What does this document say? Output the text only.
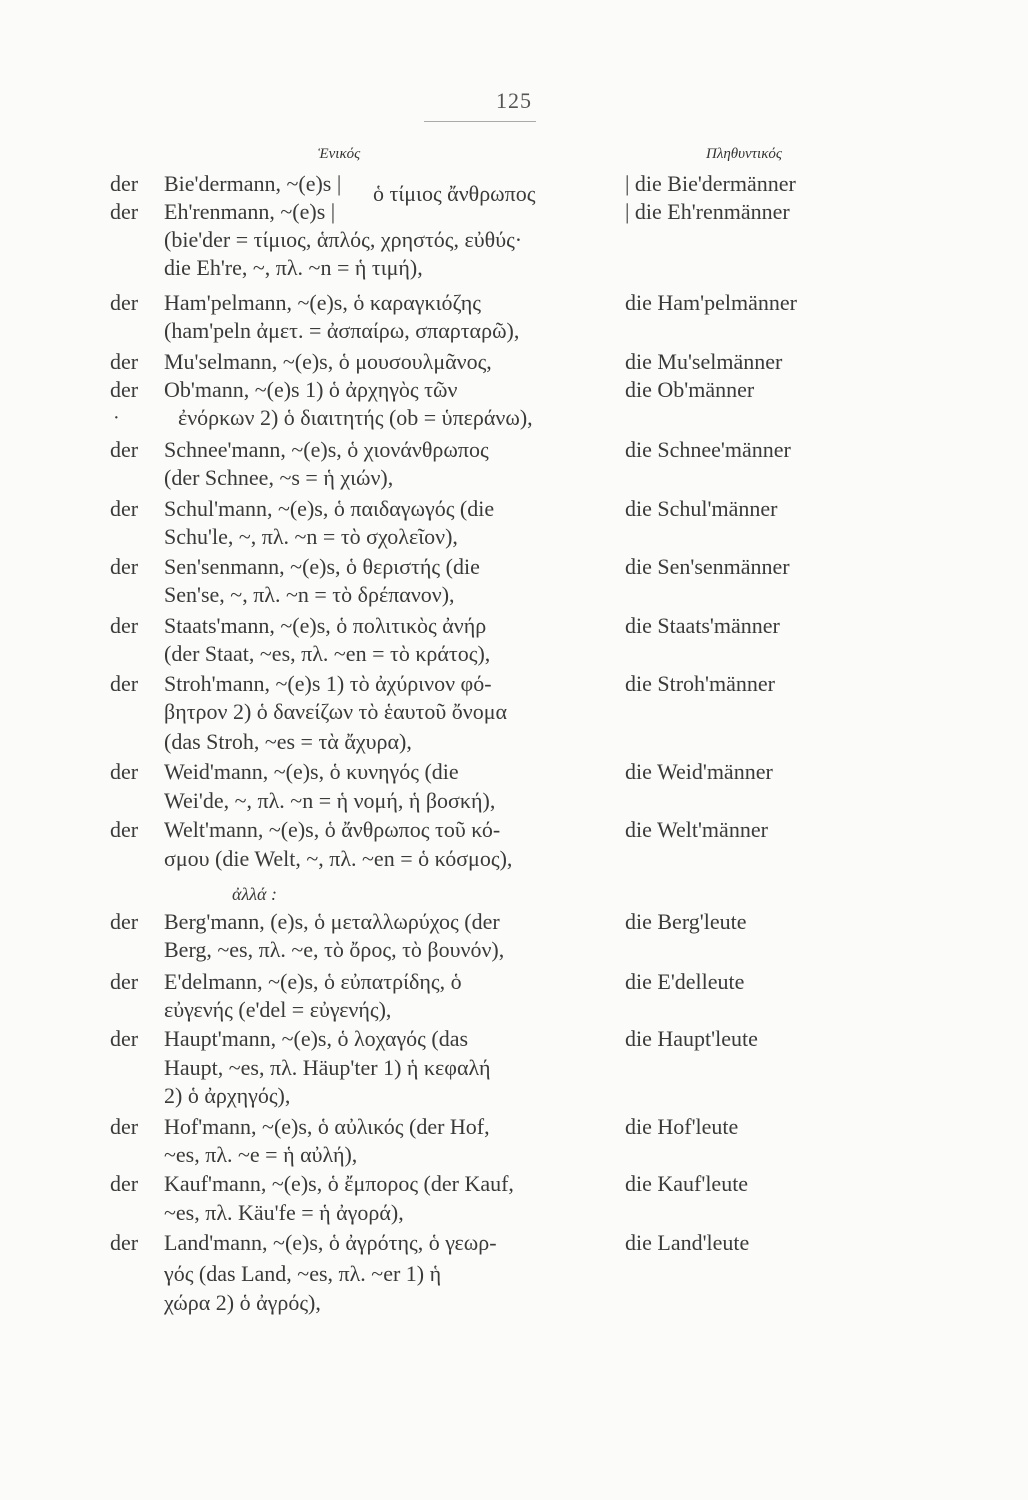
125
Ἑνικός	Πληθυντικός
der Bie'dermann, ~(e)s |	| die Bie'dermänner
ὁ τίμιος ἄνθρωπος
der Eh'renmann, ~(e)s |	| die Eh'renmänner
(bie'der = τίμιος, ἁπλός, χρηστός, εὐθύς·
die Eh're, ~, πλ. ~n = ἡ τιμή),
der Ham'pelmann, ~(e)s, ὁ καραγκιόζης	die Ham'pelmänner
(ham'peln ἀμετ. = ἀσπαίρω, σπαρταρῶ),
der Mu'selmann, ~(e)s, ὁ μουσουλμᾶνος,	die Mu'selmänner
der Ob'mann, ~(e)s 1) ὁ ἀρχηγὸς τῶν	die Ob'männer
·	ἐνόρκων 2) ὁ διαιτητής (ob = ὑπεράνω),
der Schnee'mann, ~(e)s, ὁ χιονάνθρωπος	die Schnee'männer
(der Schnee, ~s = ἡ χιών),
der Schul'mann, ~(e)s, ὁ παιδαγωγός (die	die Schul'männer
Schu'le, ~, πλ. ~n = τὸ σχολεῖον),
der Sen'senmann, ~(e)s, ὁ θεριστής (die	die Sen'senmänner
Sen'se, ~, πλ. ~n = τὸ δρέπανον),
der Staats'mann, ~(e)s, ὁ πολιτικὸς ἀνήρ	die Staats'männer
(der Staat, ~es, πλ. ~en = τὸ κράτος),
der Stroh'mann, ~(e)s 1) τὸ ἀχύρινον φό-	die Stroh'männer
βητρον 2) ὁ δανείζων τὸ ἑαυτοῦ ὄνομα
(das Stroh, ~es = τὰ ἄχυρα),
der Weid'mann, ~(e)s, ὁ κυνηγός (die	die Weid'männer
Wei'de, ~, πλ. ~n = ἡ νομή, ἡ βοσκή),
der Welt'mann, ~(e)s, ὁ ἄνθρωπος τοῦ κό-	die Welt'männer
σμου (die Welt, ~, πλ. ~en = ὁ κόσμος),
ἀλλά :
der Berg'mann, (e)s, ὁ μεταλλωρύχος (der	die Berg'leute
Berg, ~es, πλ. ~e, τὸ ὄρος, τὸ βουνόν),
der E'delmann, ~(e)s, ὁ εὐπατρίδης, ὁ	die E'delleute
εὐγενής (e'del = εὐγενής),
der Haupt'mann, ~(e)s, ὁ λοχαγός (das	die Haupt'leute
Haupt, ~es, πλ. Häup'ter 1) ἡ κεφαλή
2) ὁ ἀρχηγός),
der Hof'mann, ~(e)s, ὁ αὐλικός (der Hof,	die Hof'leute
~es, πλ. ~e = ἡ αὐλή),
der Kauf'mann, ~(e)s, ὁ ἔμπορος (der Kauf,	die Kauf'leute
~es, πλ. Käu'fe = ἡ ἀγορά),
der Land'mann, ~(e)s, ὁ ἀγρότης, ὁ γεωρ-	die Land'leute
γός (das Land, ~es, πλ. ~er 1) ἡ
χώρα 2) ὁ ἀγρός),
